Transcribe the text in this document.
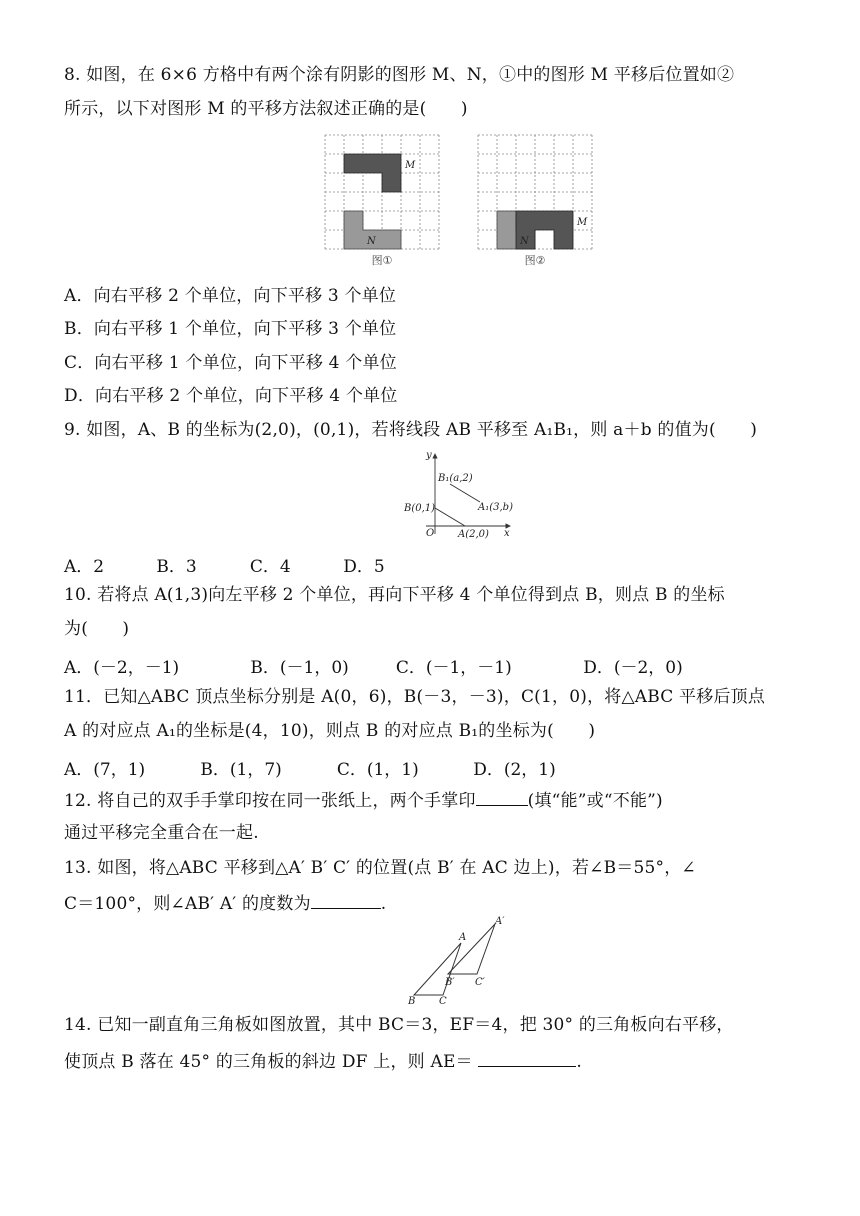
8. 如图，在 6×6 方格中有两个涂有阴影的图形 M、N，①中的图形 M 平移后位置如②
所示，以下对图形 M 的平移方法叙述正确的是(　　)
M
N
图①
M
N
图②
A．向右平移 2 个单位，向下平移 3 个单位
B．向右平移 1 个单位，向下平移 3 个单位
C．向右平移 1 个单位，向下平移 4 个单位
D．向右平移 2 个单位，向下平移 4 个单位
9. 如图，A、B 的坐标为(2,0)，(0,1)，若将线段 AB 平移至 A₁B₁，则 a＋b 的值为(　　)
y
x
O
B(0,1)
A(2,0)
B₁(a,2)
A₁(3,b)
A．2	B．3	C．4	D．5
10. 若将点 A(1,3)向左平移 2 个单位，再向下平移 4 个单位得到点 B，则点 B 的坐标
为(　　)
A．(－2，－1)	B．(－1，0)	C．(－1，－1)	D．(－2，0)
11．已知△ABC 顶点坐标分别是 A(0，6)，B(－3，－3)，C(1，0)，将△ABC 平移后顶点
A 的对应点 A₁的坐标是(4，10)，则点 B 的对应点 B₁的坐标为(　　)
A．(7，1)	B．(1，7)	C．(1，1)	D．(2，1)
12. 将自己的双手手掌印按在同一张纸上，两个手掌印	(填“能”或“不能”)
通过平移完全重合在一起.
13. 如图，将△ABC 平移到△A′ B′ C′ 的位置(点 B′ 在 AC 边上)，若∠B＝55°，∠
C＝100°，则∠AB′ A′ 的度数为	.
B C
A
B′ C′
A′
14. 已知一副直角三角板如图放置，其中 BC＝3，EF＝4，把 30° 的三角板向右平移，
使顶点 B 落在 45° 的三角板的斜边 DF 上，则 AE＝	.
